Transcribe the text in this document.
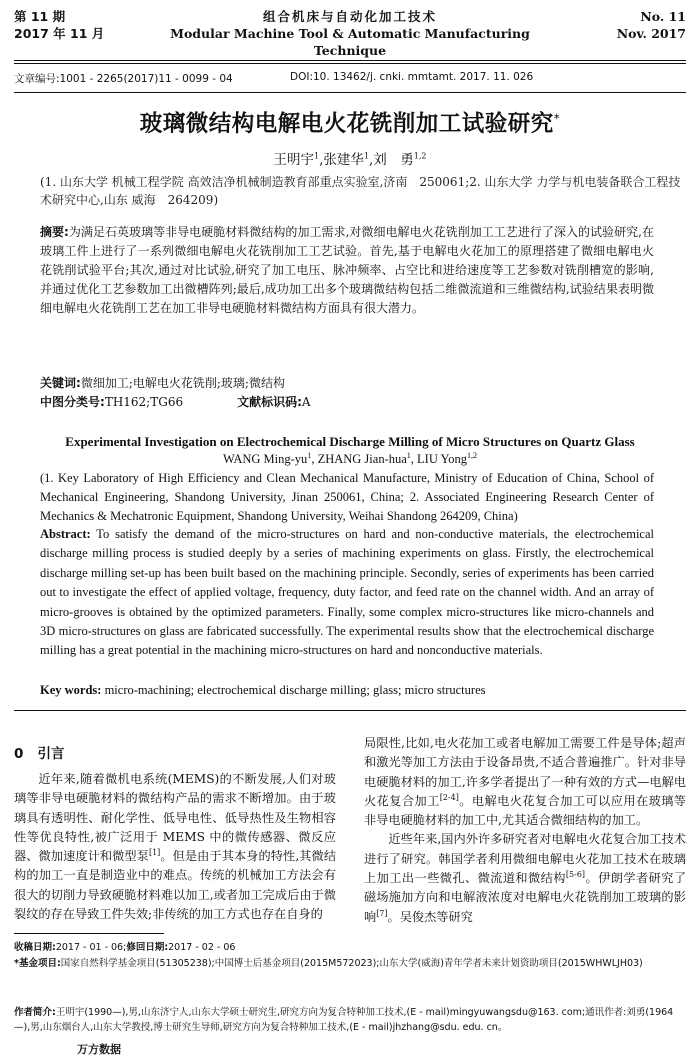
第 11 期
2017 年 11 月
组合机床与自动化加工技术
Modular Machine Tool & Automatic Manufacturing Technique
No. 11
Nov. 2017
文章编号:1001 - 2265(2017)11 - 0099 - 04	DOI:10. 13462/j. cnki. mmtamt. 2017. 11. 026
玻璃微结构电解电火花铣削加工试验研究*
王明宇$^1$,张建华$^1$,刘　勇$^{1,2}$
(1. 山东大学 机械工程学院 高效洁净机械制造教育部重点实验室,济南　250061;2. 山东大学 力学与机电装备联合工程技术研究中心,山东 威海　264209)
摘要:为满足石英玻璃等非导电硬脆材料微结构的加工需求,对微细电解电火花铣削加工工艺进行了深入的试验研究,在玻璃工件上进行了一系列微细电解电火花铣削加工工艺试验。首先,基于电解电火花加工的原理搭建了微细电解电火花铣削试验平台;其次,通过对比试验,研究了加工电压、脉冲频率、占空比和进给速度等工艺参数对铣削槽宽的影响,并通过优化工艺参数加工出微槽阵列;最后,成功加工出多个玻璃微结构包括二维微流道和三维微结构,试验结果表明微细电解电火花铣削工艺在加工非导电硬脆材料微结构方面具有很大潜力。
关键词:微细加工;电解电火花铣削;玻璃;微结构
中图分类号:TH162;TG66	文献标识码:A
Experimental Investigation on Electrochemical Discharge Milling of Micro Structures on Quartz Glass
WANG Ming-$yu^1$, ZHANG Jian-hua$^1$, LIU Yong$^{1,2}$
(1. Key Laboratory of High Efficiency and Clean Mechanical Manufacture, Ministry of Education of China, School of Mechanical Engineering, Shandong University, Jinan 250061, China; 2. Associated Engineering Research Center of Mechanics & Mechatronic Equipment, Shandong University, Weihai Shandong 264209, China)
Abstract: To satisfy the demand of the micro-structures on hard and non-conductive materials, the electrochemical discharge milling process is studied deeply by a series of machining experiments on glass. Firstly, the electrochemical discharge milling set-up has been built based on the machining principle. Secondly, series of experiments has been carried out to investigate the effect of applied voltage, frequency, duty factor, and feed rate on the channel width. And an array of micro-grooves is obtained by the optimized parameters. Finally, some complex micro-structures like micro-channels and 3D micro-structures on glass are fabricated successfully. The experimental results show that the electrochemical discharge milling has a great potential in the machining micro-structures on hard and nonconductive materials.
Key words: micro-machining; electrochemical discharge milling; glass; micro structures
0 引言

近年来,随着微机电系统(MEMS)的不断发展,人们对玻璃等非导电硬脆材料的微结构产品的需求不断增加。由于玻璃具有透明性、耐化学性、低导电性、低导热性及生物相容性等优良特性,被广泛用于 MEMS 中的微传感器、微反应器、微加速度计和微型泵[1]。但是由于其本身的特性,其微结构的加工一直是制造业中的难点。传统的机械加工方法会有很大的切削力导致硬脆材料难以加工,或者加工完成后由于微裂纹的存在导致工件失效;非传统的加工方式也存在自身的

局限性,比如,电火花加工或者电解加工需要工件是导体;超声和激光等加工方法由于设备昂贵,不适合普遍推广。针对非导电硬脆材料的加工,许多学者提出了一种有效的方式—电解电火花复合加工[2-4]。电解电火花复合加工可以应用在玻璃等非导电硬脆材料的加工中,尤其适合微细结构的加工。

近些年来,国内外许多研究者对电解电火花复合加工技术进行了研究。韩国学者利用微细电解电火花加工技术在玻璃上加工出一些微孔、微流道和微结构[5-6]。伊朗学者研究了磁场施加方向和电解液浓度对电解电火花铣削加工玻璃的影响[7]。吴俊杰等研究

收稿日期:2017 - 01 - 06;修回日期:2017 - 02 - 06
*基金项目:国家自然科学基金项目(51305238);中国博士后基金项目(2015M572023);山东大学(威海)青年学者未来计划资助项目(2015WHWLJH03)
作者简介:王明宇(1990—),男,山东济宁人,山东大学硕士研究生,研究方向为复合特种加工技术,(E - mail)mingyuwangsdu@163. com;通讯作者:刘勇(1964—),男,山东烟台人,山东大学教授,博士研究生导师,研究方向为复合特种加工技术,(E - mail)jhzhang@sdu. edu. cn。
万方数据
